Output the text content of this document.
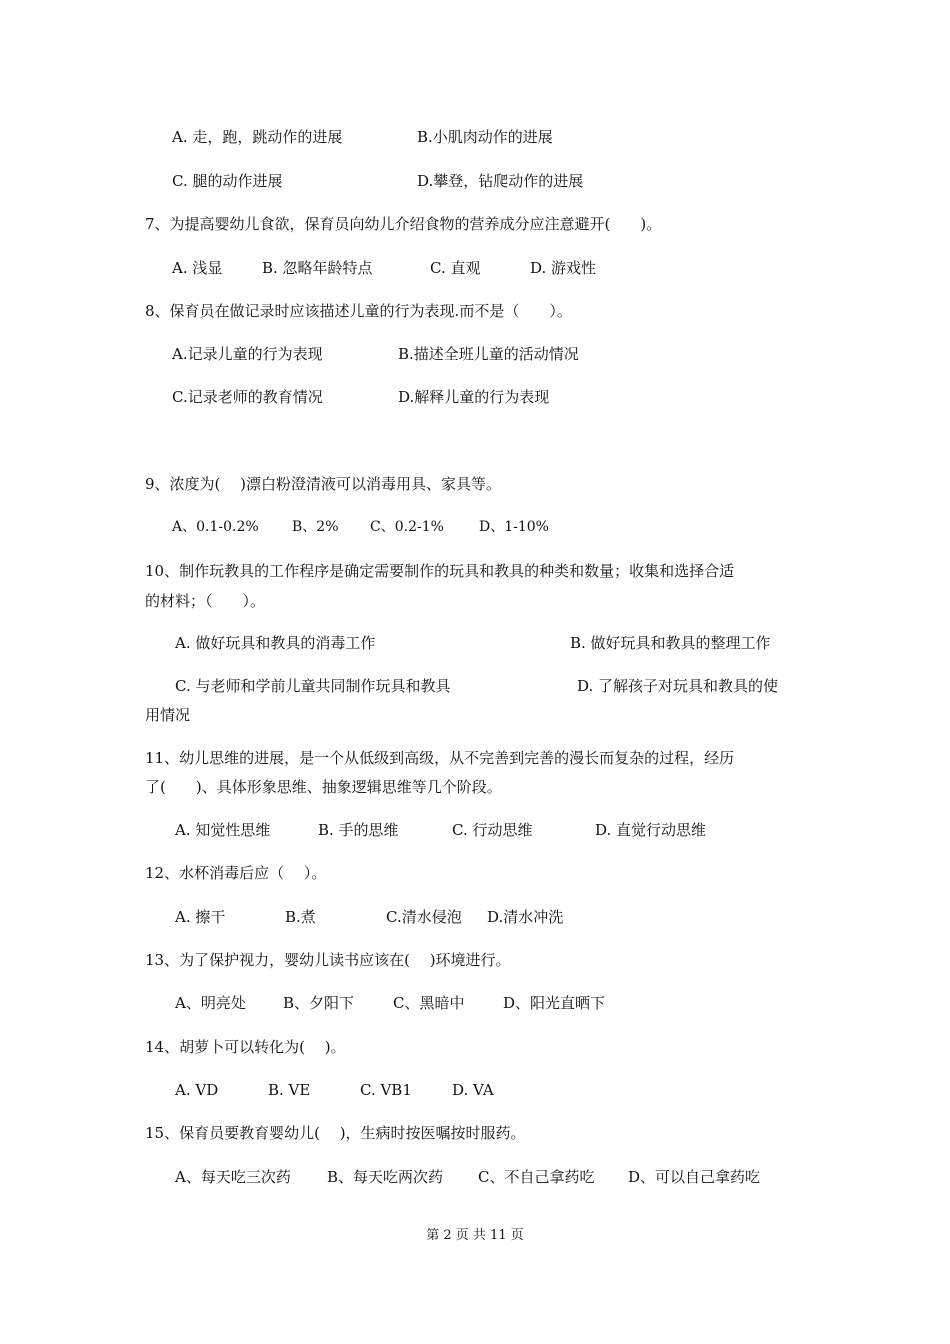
A. 走，跑，跳动作的进展	B.小肌肉动作的进展
C. 腿的动作进展	D.攀登，钻爬动作的进展
7、为提高婴幼儿食欲，保育员向幼儿介绍食物的营养成分应注意避开(　　)。
A. 浅显	B. 忽略年龄特点	C. 直观	D. 游戏性
8、保育员在做记录时应该描述儿童的行为表现.而不是（　　）。
A.记录儿童的行为表现	B.描述全班儿童的活动情况
C.记录老师的教育情况	D.解释儿童的行为表现
9、浓度为(　 )漂白粉澄清液可以消毒用具、家具等。
A、0.1-0.2% B、2% C、0.2-1%	D、1-10%
10、制作玩教具的工作程序是确定需要制作的玩具和教具的种类和数量；收集和选择合适
的材料；（　　）。
A. 做好玩具和教具的消毒工作	B. 做好玩具和教具的整理工作
C. 与老师和学前儿童共同制作玩具和教具	D. 了解孩子对玩具和教具的使
用情况
11、幼儿思维的进展，是一个从低级到高级，从不完善到完善的漫长而复杂的过程，经历
了(　　)、具体形象思维、抽象逻辑思维等几个阶段。
A. 知觉性思维	B. 手的思维	C. 行动思维	D. 直觉行动思维
12、水杯消毒后应（　 ）。
A. 擦干	B.煮	C.清水侵泡 D.清水冲洗
13、为了保护视力，婴幼儿读书应该在(　 )环境进行。
A、明亮处 B、夕阳下	C、黑暗中	D、阳光直晒下
14、胡萝卜可以转化为(　 )。
A. VD	B. VE	C. VB1	D. VA
15、保育员要教育婴幼儿(　 )，生病时按医嘱按时服药。
A、每天吃三次药 B、每天吃两次药 C、不自己拿药吃 D、可以自己拿药吃
第 2 页 共 11 页
